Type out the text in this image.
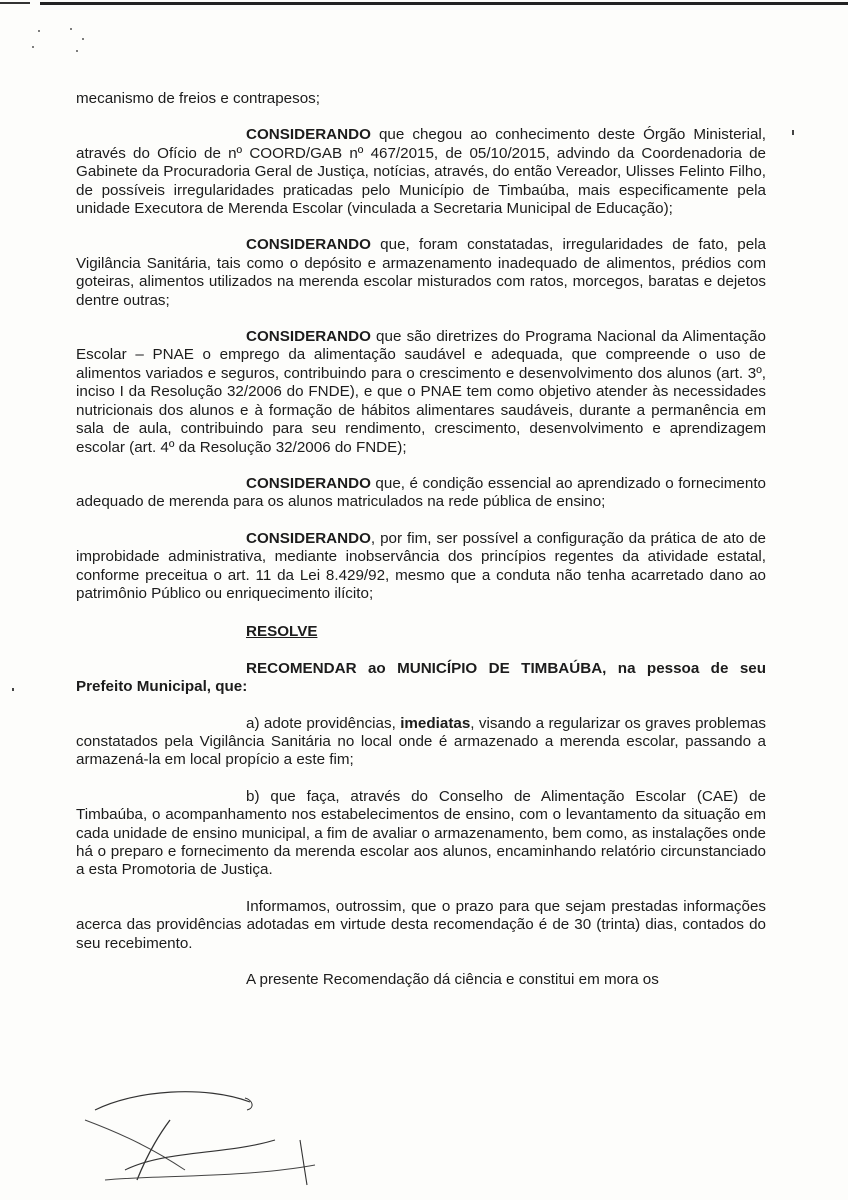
mecanismo de freios e contrapesos;

CONSIDERANDO que chegou ao conhecimento deste Órgão Ministerial, através do Ofício de nº COORD/GAB nº 467/2015, de 05/10/2015, advindo da Coordenadoria de Gabinete da Procuradoria Geral de Justiça, notícias, através, do então Vereador, Ulisses Felinto Filho, de possíveis irregularidades praticadas pelo Município de Timbaúba, mais especificamente pela unidade Executora de Merenda Escolar (vinculada a Secretaria Municipal de Educação);

CONSIDERANDO que, foram constatadas, irregularidades de fato, pela Vigilância Sanitária, tais como o depósito e armazenamento inadequado de alimentos, prédios com goteiras, alimentos utilizados na merenda escolar misturados com ratos, morcegos, baratas e dejetos dentre outras;

CONSIDERANDO que são diretrizes do Programa Nacional da Alimentação Escolar – PNAE o emprego da alimentação saudável e adequada, que compreende o uso de alimentos variados e seguros, contribuindo para o crescimento e desenvolvimento dos alunos (art. 3º, inciso I da Resolução 32/2006 do FNDE), e que o PNAE tem como objetivo atender às necessidades nutricionais dos alunos e à formação de hábitos alimentares saudáveis, durante a permanência em sala de aula, contribuindo para seu rendimento, crescimento, desenvolvimento e aprendizagem escolar (art. 4º da Resolução 32/2006 do FNDE);

CONSIDERANDO que, é condição essencial ao aprendizado o fornecimento adequado de merenda para os alunos matriculados na rede pública de ensino;

CONSIDERANDO, por fim, ser possível a configuração da prática de ato de improbidade administrativa, mediante inobservância dos princípios regentes da atividade estatal, conforme preceitua o art. 11 da Lei 8.429/92, mesmo que a conduta não tenha acarretado dano ao patrimônio Público ou enriquecimento ilícito;

RESOLVE

RECOMENDAR ao MUNICÍPIO DE TIMBAÚBA, na pessoa de seu Prefeito Municipal, que:

a) adote providências, imediatas, visando a regularizar os graves problemas constatados pela Vigilância Sanitária no local onde é armazenado a merenda escolar, passando a armazená-la em local propício a este fim;

b) que faça, através do Conselho de Alimentação Escolar (CAE) de Timbaúba, o acompanhamento nos estabelecimentos de ensino, com o levantamento da situação em cada unidade de ensino municipal, a fim de avaliar o armazenamento, bem como, as instalações onde há o preparo e fornecimento da merenda escolar aos alunos, encaminhando relatório circunstanciado a esta Promotoria de Justiça.

Informamos, outrossim, que o prazo para que sejam prestadas informações acerca das providências adotadas em virtude desta recomendação é de 30 (trinta) dias, contados do seu recebimento.

A presente Recomendação dá ciência e constitui em mora os
